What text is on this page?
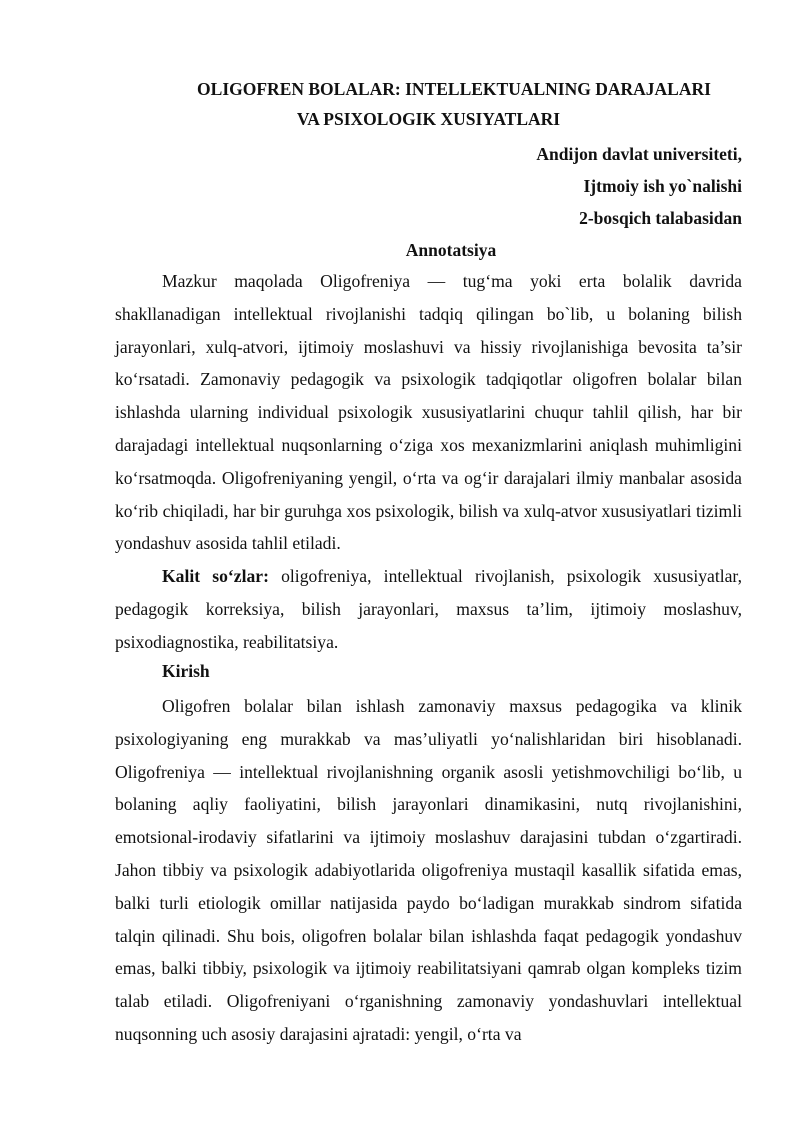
OLIGOFREN BOLALAR: INTELLEKTUALNING DARAJALARI

VA PSIXOLOGIK XUSIYATLARI

Andijon davlat universiteti,

Ijtmoiy ish yo`nalishi

2-bosqich talabasidan

Annotatsiya

Mazkur maqolada Oligofreniya — tug‘ma yoki erta bolalik davrida shakllanadigan intellektual rivojlanishi tadqiq qilingan bo`lib, u bolaning bilish jarayonlari, xulq-atvori, ijtimoiy moslashuvi va hissiy rivojlanishiga bevosita ta’sir ko‘rsatadi. Zamonaviy pedagogik va psixologik tadqiqotlar oligofren bolalar bilan ishlashda ularning individual psixologik xususiyatlarini chuqur tahlil qilish, har bir darajadagi intellektual nuqsonlarning o‘ziga xos mexanizmlarini aniqlash muhimligini ko‘rsatmoqda. Oligofreniyaning yengil, o‘rta va og‘ir darajalari ilmiy manbalar asosida ko‘rib chiqiladi, har bir guruhga xos psixologik, bilish va xulq-atvor xususiyatlari tizimli yondashuv asosida tahlil etiladi.

Kalit so‘zlar: oligofreniya, intellektual rivojlanish, psixologik xususiyatlar, pedagogik korreksiya, bilish jarayonlari, maxsus ta’lim, ijtimoiy moslashuv, psixodiagnostika, reabilitatsiya.

Kirish

Oligofren bolalar bilan ishlash zamonaviy maxsus pedagogika va klinik psixologiyaning eng murakkab va mas’uliyatli yo‘nalishlaridan biri hisoblanadi. Oligofreniya — intellektual rivojlanishning organik asosli yetishmovchiligi bo‘lib, u bolaning aqliy faoliyatini, bilish jarayonlari dinamikasini, nutq rivojlanishini, emotsional-irodaviy sifatlarini va ijtimoiy moslashuv darajasini tubdan o‘zgartiradi. Jahon tibbiy va psixologik adabiyotlarida oligofreniya mustaqil kasallik sifatida emas, balki turli etiologik omillar natijasida paydo bo‘ladigan murakkab sindrom sifatida talqin qilinadi. Shu bois, oligofren bolalar bilan ishlashda faqat pedagogik yondashuv emas, balki tibbiy, psixologik va ijtimoiy reabilitatsiyani qamrab olgan kompleks tizim talab etiladi. Oligofreniyani o‘rganishning zamonaviy yondashuvlari intellektual nuqsonning uch asosiy darajasini ajratadi: yengil, o‘rta va
